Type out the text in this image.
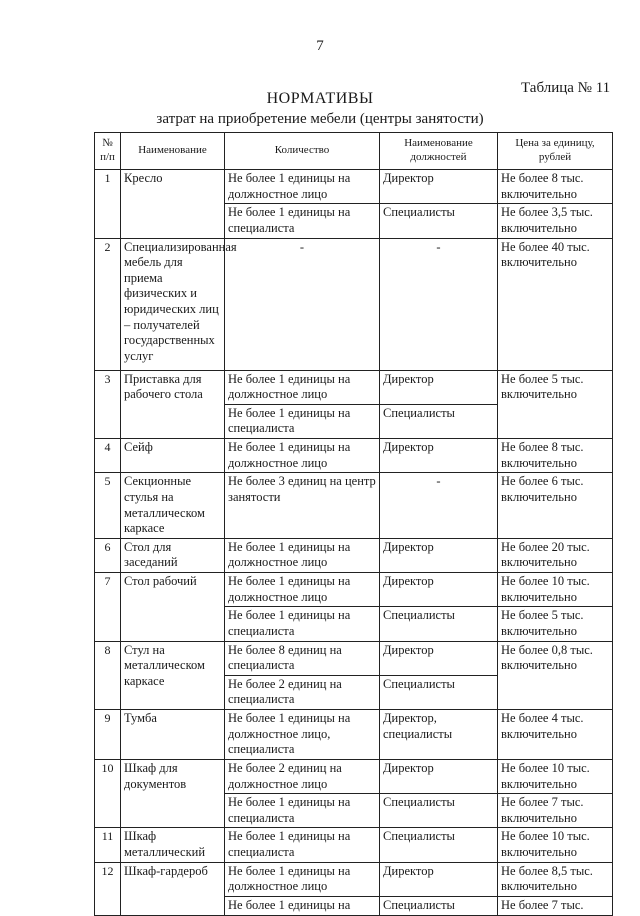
7
Таблица № 11
НОРМАТИВЫ
затрат на приобретение мебели (центры занятости)
№ п/п	Наименование	Количество	Наименование должностей	Цена за единицу, рублей
1	Кресло	Не более 1 единицы на должностное лицо	Директор	Не более 8 тыс. включительно
		Не более 1 единицы на специалиста	Специалисты	Не более 3,5 тыс. включительно
2	Специализированная мебель для приема физических и юридических лиц – получателей государственных услуг	-	-	Не более 40 тыс. включительно
3	Приставка для рабочего стола	Не более 1 единицы на должностное лицо	Директор	Не более 5 тыс. включительно
		Не более 1 единицы на специалиста	Специалисты	
4	Сейф	Не более 1 единицы на должностное лицо	Директор	Не более 8 тыс. включительно
5	Секционные стулья на металлическом каркасе	Не более 3 единиц на центр занятости	-	Не более 6 тыс. включительно
6	Стол для заседаний	Не более 1 единицы на должностное лицо	Директор	Не более 20 тыс. включительно
7	Стол рабочий	Не более 1 единицы на должностное лицо	Директор	Не более 10 тыс. включительно
		Не более 1 единицы на специалиста	Специалисты	Не более 5 тыс. включительно
8	Стул на металлическом каркасе	Не более 8 единиц на специалиста	Директор	Не более 0,8 тыс. включительно
		Не более 2 единиц на специалиста	Специалисты	
9	Тумба	Не более 1 единицы на должностное лицо, специалиста	Директор, специалисты	Не более 4 тыс. включительно
10	Шкаф для документов	Не более 2 единиц на должностное лицо	Директор	Не более 10 тыс. включительно
		Не более 1 единицы на специалиста	Специалисты	Не более 7 тыс. включительно
11	Шкаф металлический	Не более 1 единицы на специалиста	Специалисты	Не более 10 тыс. включительно
12	Шкаф-гардероб	Не более 1 единицы на должностное лицо	Директор	Не более 8,5 тыс. включительно
		Не более 1 единицы на	Специалисты	Не более 7 тыс.
